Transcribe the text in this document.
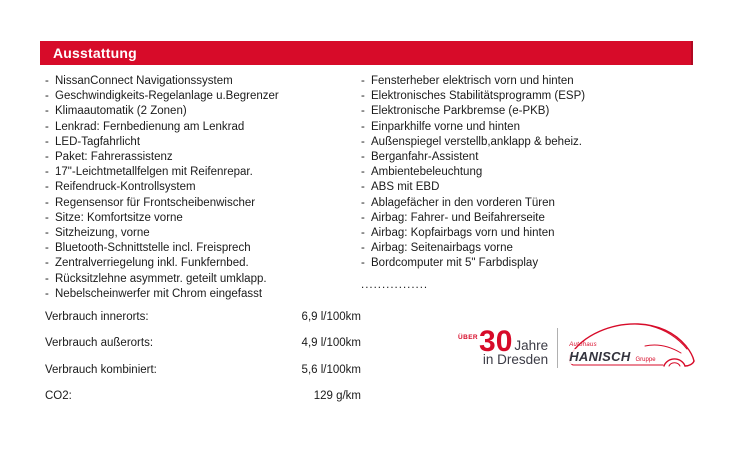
Ausstattung
- NissanConnect Navigationssystem
- Geschwindigkeits-Regelanlage u.Begrenzer
- Klimaautomatik (2 Zonen)
- Lenkrad: Fernbedienung am Lenkrad
- LED-Tagfahrlicht
- Paket: Fahrerassistenz
- 17"-Leichtmetallfelgen mit Reifenrepar.
- Reifendruck-Kontrollsystem
- Regensensor für Frontscheibenwischer
- Sitze: Komfortsitze vorne
- Sitzheizung, vorne
- Bluetooth-Schnittstelle incl. Freisprech
- Zentralverriegelung inkl. Funkfernbed.
- Rücksitzlehne asymmetr. geteilt umklapp.
- Nebelscheinwerfer mit Chrom eingefasst
- Fensterheber elektrisch vorn und hinten
- Elektronisches Stabilitätsprogramm (ESP)
- Elektronische Parkbremse (e-PKB)
- Einparkhilfe vorne und hinten
- Außenspiegel verstellb,anklapp & beheiz.
- Berganfahr-Assistent
- Ambientebeleuchtung
- ABS mit EBD
- Ablagefächer in den vorderen Türen
- Airbag: Fahrer- und Beifahrerseite
- Airbag: Kopfairbags vorn und hinten
- Airbag: Seitenairbags vorne
- Bordcomputer mit 5" Farbdisplay
................
Verbrauch innerorts:	6,9 l/100km
Verbrauch außerorts:	4,9 l/100km
Verbrauch kombiniert:	5,6 l/100km
CO2:	129 g/km
ÜBER 30 Jahre
in Dresden
Autohaus
HANISCH Gruppe
